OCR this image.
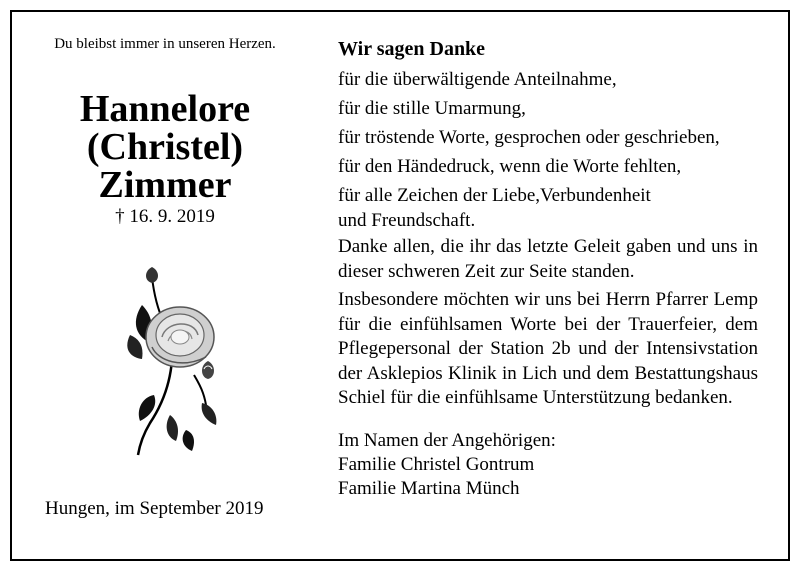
Du bleibst immer in unseren Herzen.
Hannelore
(Christel)
Zimmer
† 16. 9. 2019
Hungen, im September 2019
Wir sagen Danke
für die überwältigende Anteilnahme,
für die stille Umarmung,
für tröstende Worte, gesprochen oder geschrieben,
für den Händedruck, wenn die Worte fehlten,
für alle Zeichen der Liebe,Verbundenheit
und Freundschaft.
Danke allen, die ihr das letzte Geleit gaben und uns in dieser schweren Zeit zur Seite standen.
Insbesondere möchten wir uns bei Herrn Pfarrer Lemp für die einfühlsamen Worte bei der Trauerfeier, dem Pflegepersonal der Station 2b und der Intensivstation der Asklepios Klinik in Lich und dem Bestattungshaus Schiel für die einfühlsame Unterstützung bedanken.
Im Namen der Angehörigen:
Familie Christel Gontrum
Familie Martina Münch
